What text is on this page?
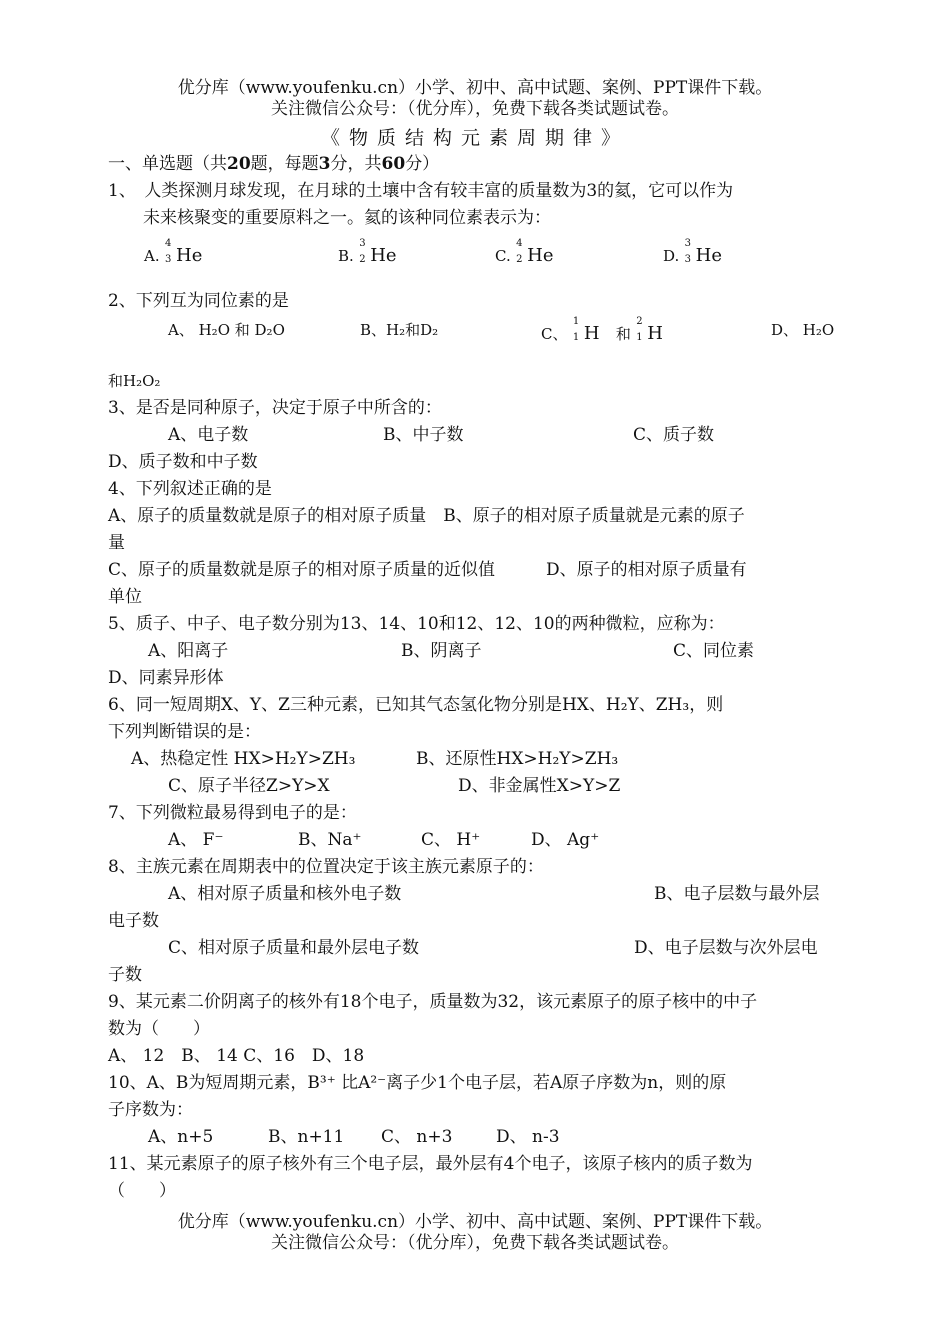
优分库（www.youfenku.cn）小学、初中、高中试题、案例、PPT课件下载。
关注微信公众号：（优分库），免费下载各类试题试卷。
《物质结构元素周期律》
一、单选题（共20题，每题3分，共60分）
1、　人类探测月球发现，在月球的土壤中含有较丰富的质量数为3的氦，它可以作为
未来核聚变的重要原料之一。氦的该种同位素表示为：
A.
4
3 He	B.
3
2 He	C.
4
2 He	D.
3
3 He
2、下列互为同位素的是
A、 H₂O 和 D₂O	B、H₂和D₂	C、
1
1 H 和
2
1 H	D、 H₂O
和H₂O₂
3、是否是同种原子，决定于原子中所含的：
A、电子数	B、中子数	C、质子数
D、质子数和中子数
4、下列叙述正确的是
A、原子的质量数就是原子的相对原子质量　B、原子的相对原子质量就是元素的原子
量
C、原子的质量数就是原子的相对原子质量的近似值　　　D、原子的相对原子质量有
单位
5、质子、中子、电子数分别为13、14、10和12、12、10的两种微粒，应称为：
A、阳离子	B、阴离子	C、同位素
D、同素异形体
6、同一短周期X、Y、Z三种元素，已知其气态氢化物分别是HX、H₂Y、ZH₃，则
下列判断错误的是：
A、热稳定性 HX>H₂Y>ZH₃	B、还原性HX>H₂Y>ZH₃
C、原子半径Z>Y>X	D、非金属性X>Y>Z
7、下列微粒最易得到电子的是：
A、 F⁻	B、Na⁺	C、 H⁺	D、 Ag⁺
8、主族元素在周期表中的位置决定于该主族元素原子的：
A、相对原子质量和核外电子数	B、电子层数与最外层
电子数
C、相对原子质量和最外层电子数	D、电子层数与次外层电
子数
9、某元素二价阴离子的核外有18个电子，质量数为32，该元素原子的原子核中的中子
数为（　　）
A、 12　B、 14 C、16　D、18
10、A、B为短周期元素，B³⁺ 比A²⁻离子少1个电子层，若A原子序数为n，则的原
子序数为：
A、n+5	B、n+11 C、 n+3	D、 n-3
11、某元素原子的原子核外有三个电子层，最外层有4个电子，该原子核内的质子数为
（　　）
优分库（www.youfenku.cn）小学、初中、高中试题、案例、PPT课件下载。
关注微信公众号：（优分库），免费下载各类试题试卷。
